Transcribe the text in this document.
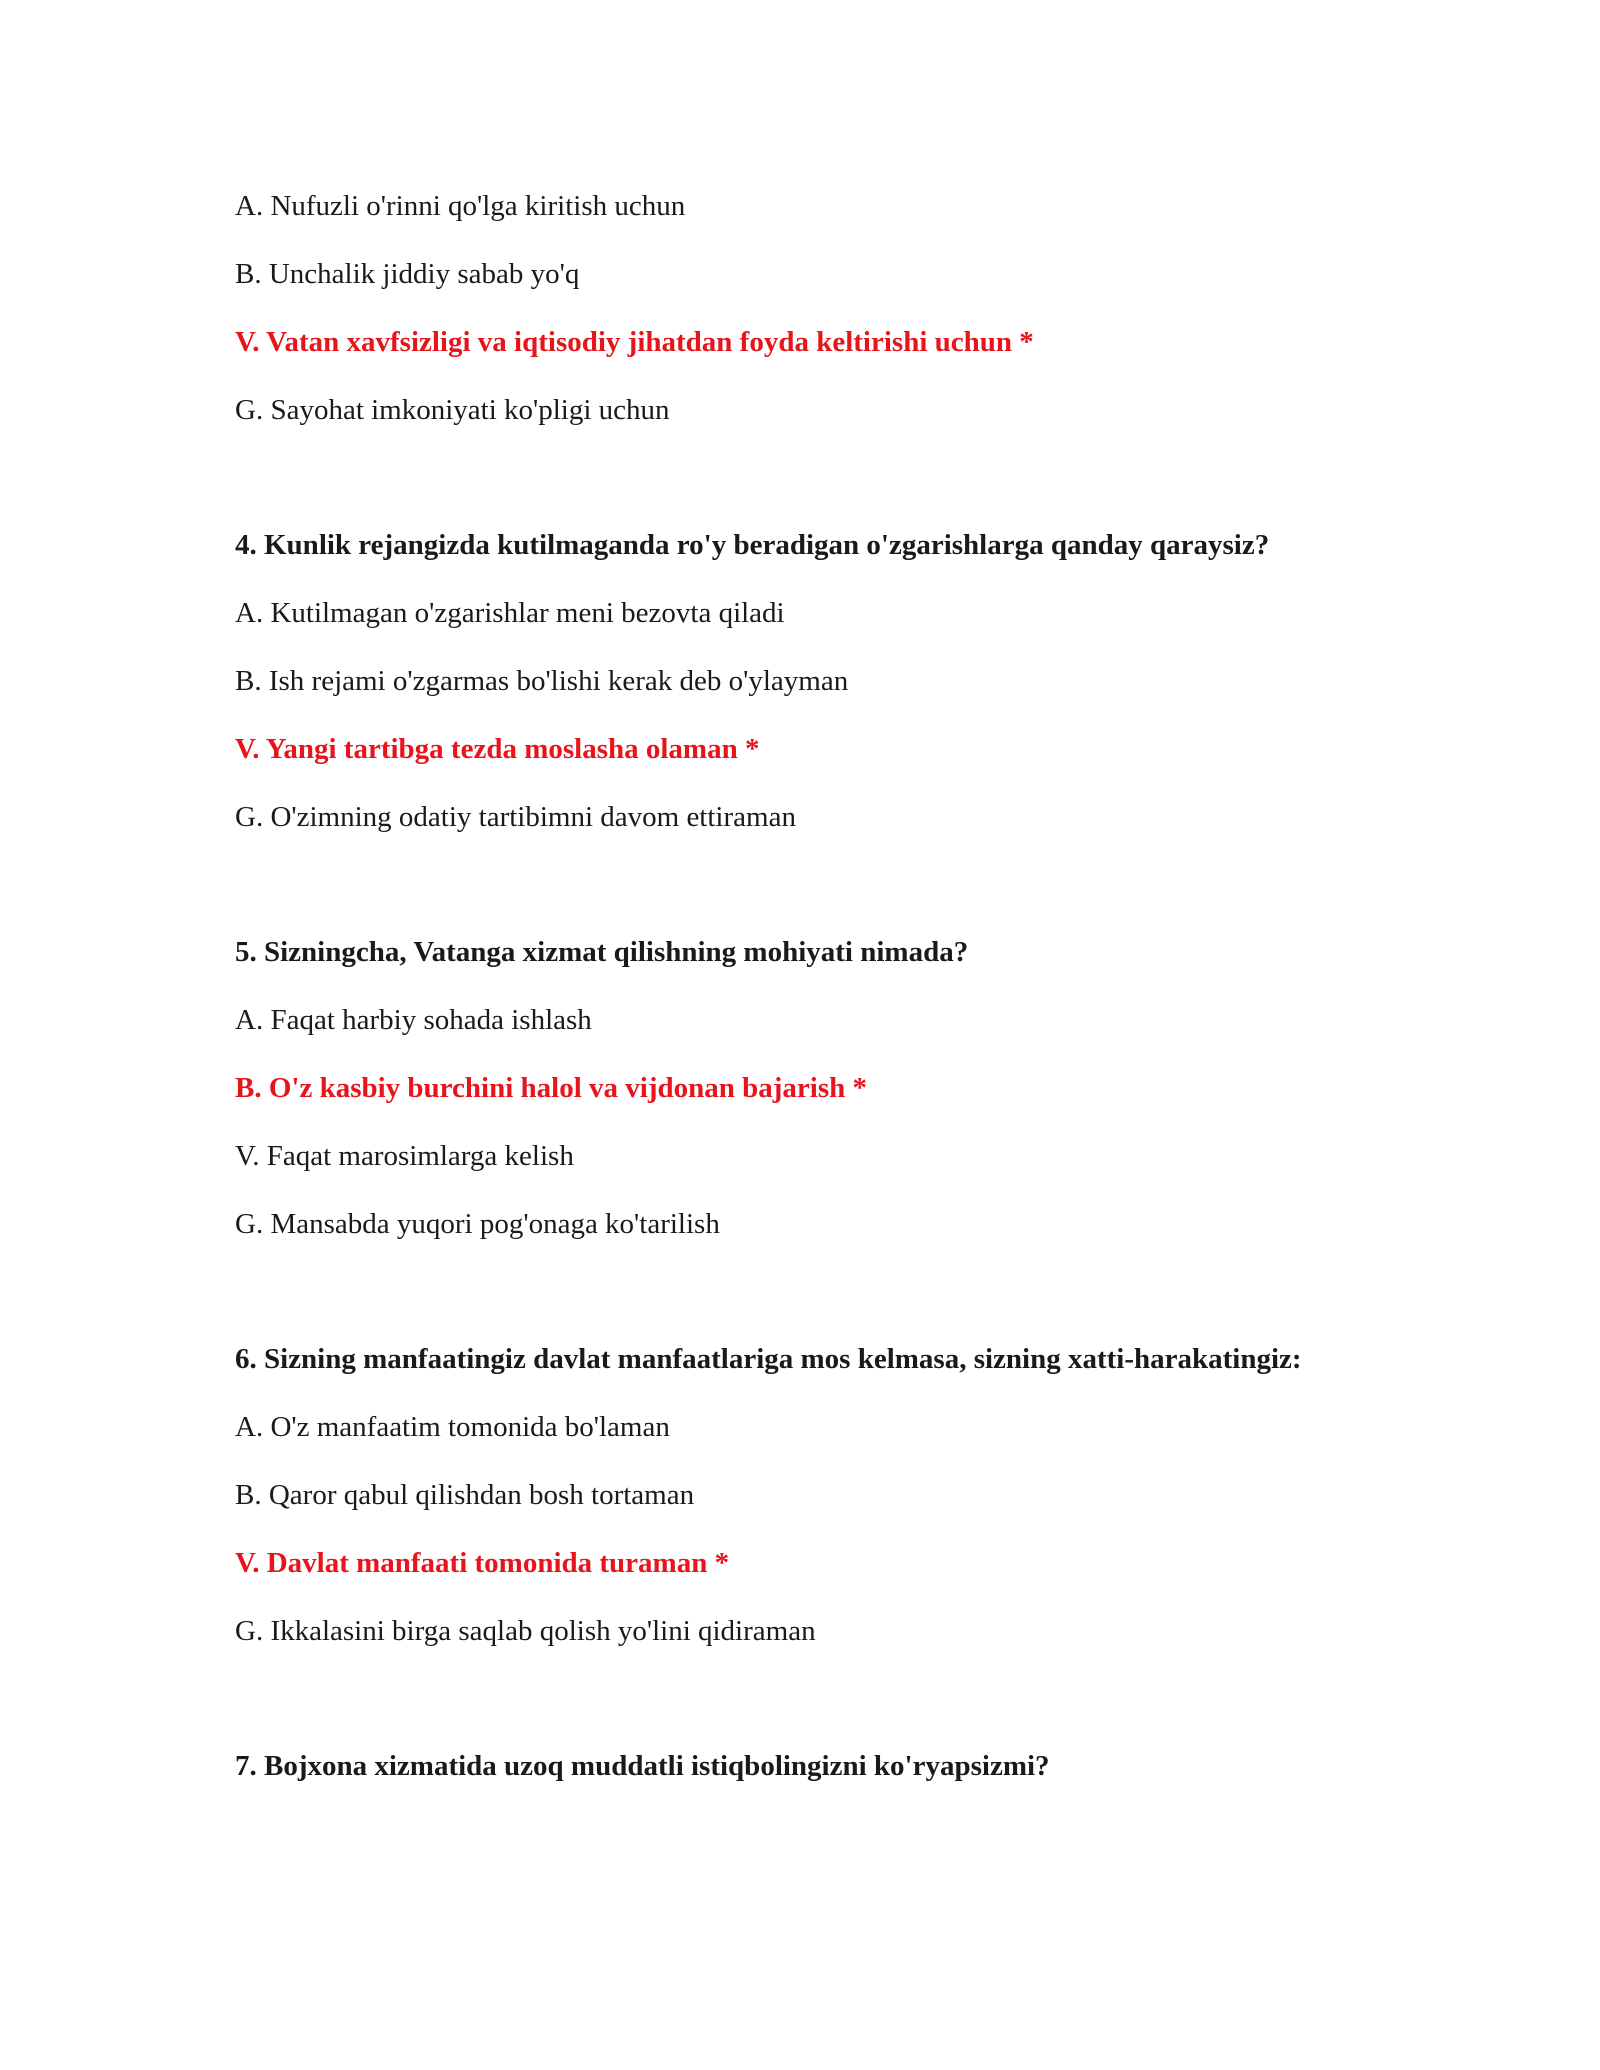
A. Nufuzli o'rinni qo'lga kiritish uchun

B. Unchalik jiddiy sabab yo'q

V. Vatan xavfsizligi va iqtisodiy jihatdan foyda keltirishi uchun *

G. Sayohat imkoniyati ko'pligi uchun

4. Kunlik rejangizda kutilmaganda ro'y beradigan o'zgarishlarga qanday qaraysiz?

A. Kutilmagan o'zgarishlar meni bezovta qiladi

B. Ish rejami o'zgarmas bo'lishi kerak deb o'ylayman

V. Yangi tartibga tezda moslasha olaman *

G. O'zimning odatiy tartibimni davom ettiraman

5. Sizningcha, Vatanga xizmat qilishning mohiyati nimada?

A. Faqat harbiy sohada ishlash

B. O'z kasbiy burchini halol va vijdonan bajarish *

V. Faqat marosimlarga kelish

G. Mansabda yuqori pog'onaga ko'tarilish

6. Sizning manfaatingiz davlat manfaatlariga mos kelmasa, sizning xatti-harakatingiz:

A. O'z manfaatim tomonida bo'laman

B. Qaror qabul qilishdan bosh tortaman

V. Davlat manfaati tomonida turaman *

G. Ikkalasini birga saqlab qolish yo'lini qidiraman

7. Bojxona xizmatida uzoq muddatli istiqbolingizni ko'ryapsizmi?
